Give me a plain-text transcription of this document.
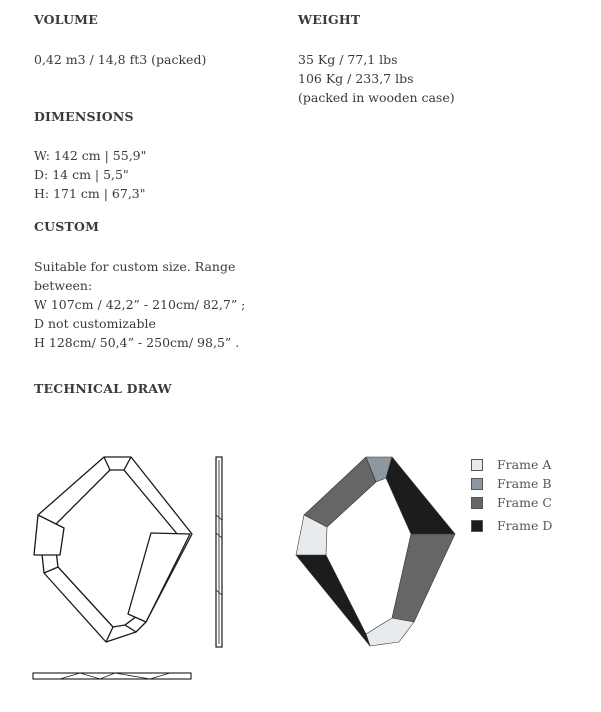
VOLUME

0,42 m3 / 14,8 ft3 (packed)

WEIGHT

35 Kg / 77,1 lbs
106 Kg / 233,7 lbs
(packed in wooden case)

DIMENSIONS

W: 142 cm | 55,9"
D: 14 cm | 5,5"
H: 171 cm | 67,3"

CUSTOM

Suitable for custom size. Range
between:
W 107cm / 42,2” - 210cm/ 82,7” ;
D not customizable
H 128cm/ 50,4” - 250cm/ 98,5” .

TECHNICAL DRAW
Frame A
Frame B
Frame C
Frame D
